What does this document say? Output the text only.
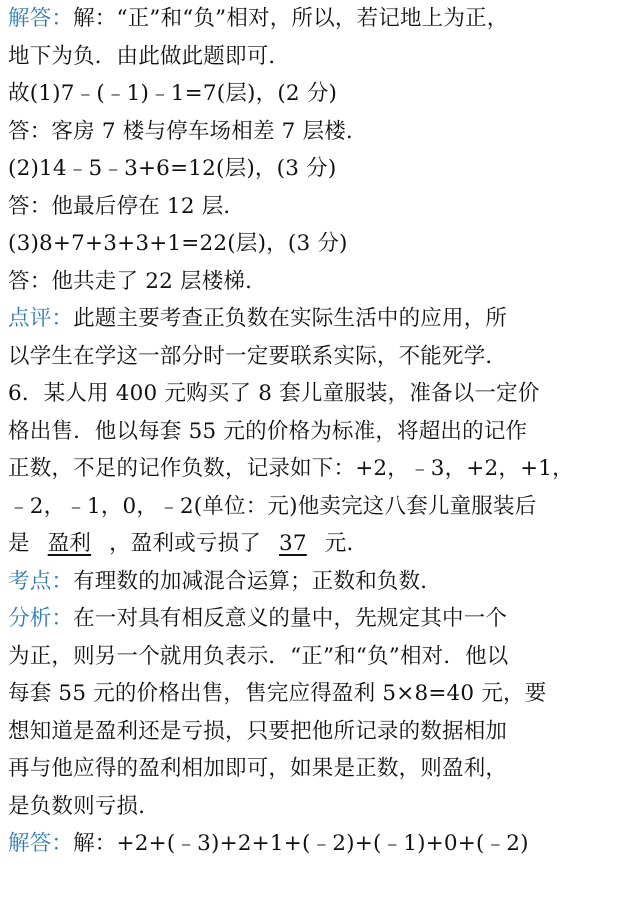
解答：解：“正”和“负”相对，所以，若记地上为正，
地下为负．由此做此题即可．
故(1)7﹣(﹣1)﹣1=7(层)，(2 分)
答：客房 7 楼与停车场相差 7 层楼．
(2)14﹣5﹣3+6=12(层)，(3 分)
答：他最后停在 12 层．
(3)8+7+3+3+1=22(层)，(3 分)
答：他共走了 22 层楼梯．
点评：此题主要考查正负数在实际生活中的应用，所
以学生在学这一部分时一定要联系实际，不能死学．
6．某人用 400 元购买了 8 套儿童服装，准备以一定价
格出售．他以每套 55 元的价格为标准，将超出的记作
正数，不足的记作负数，记录如下：+2，﹣3，+2，+1，
﹣2，﹣1，0，﹣2(单位：元)他卖完这八套儿童服装后
是 盈利 ，盈利或亏损了 37 元．
考点：有理数的加减混合运算；正数和负数．
分析：在一对具有相反意义的量中，先规定其中一个
为正，则另一个就用负表示．“正”和“负”相对．他以
每套 55 元的价格出售，售完应得盈利 5×8=40 元，要
想知道是盈利还是亏损，只要把他所记录的数据相加
再与他应得的盈利相加即可，如果是正数，则盈利，
是负数则亏损．
解答：解：+2+(﹣3)+2+1+(﹣2)+(﹣1)+0+(﹣2)
